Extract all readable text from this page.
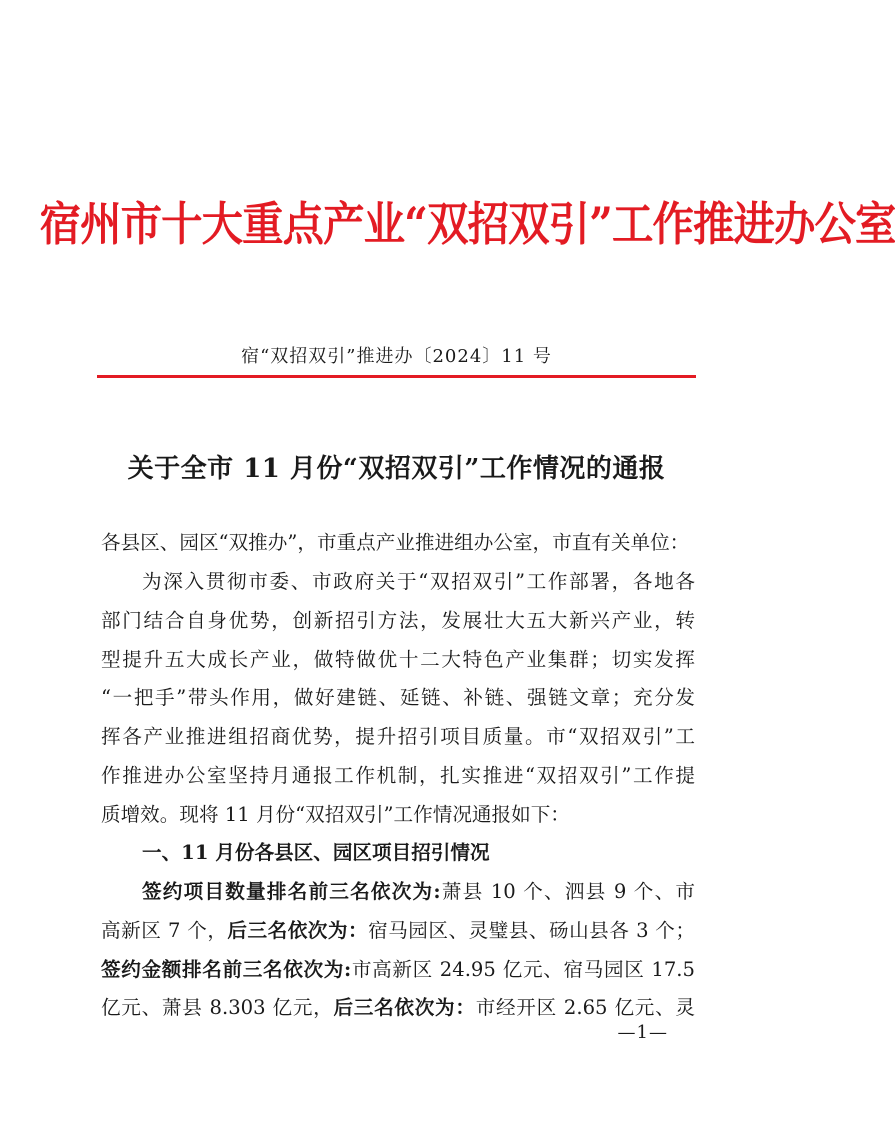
宿州市十大重点产业“双招双引”工作推进办公室
宿“双招双引”推进办〔2024〕11 号
关于全市 11 月份“双招双引”工作情况的通报
各县区、园区“双推办”，市重点产业推进组办公室，市直有关单位：
为深入贯彻市委、市政府关于“双招双引”工作部署，各地各
部门结合自身优势，创新招引方法，发展壮大五大新兴产业，转
型提升五大成长产业，做特做优十二大特色产业集群；切实发挥
“一把手”带头作用，做好建链、延链、补链、强链文章；充分发
挥各产业推进组招商优势，提升招引项目质量。市“双招双引”工
作推进办公室坚持月通报工作机制，扎实推进“双招双引”工作提
质增效。现将 11 月份“双招双引”工作情况通报如下：
一、11 月份各县区、园区项目招引情况
签约项目数量排名前三名依次为:萧县 10 个、泗县 9 个、市
高新区 7 个，后三名依次为：宿马园区、灵璧县、砀山县各 3 个；
签约金额排名前三名依次为:市高新区 24.95 亿元、宿马园区 17.5
亿元、萧县 8.303 亿元，后三名依次为：市经开区 2.65 亿元、灵
—1—
